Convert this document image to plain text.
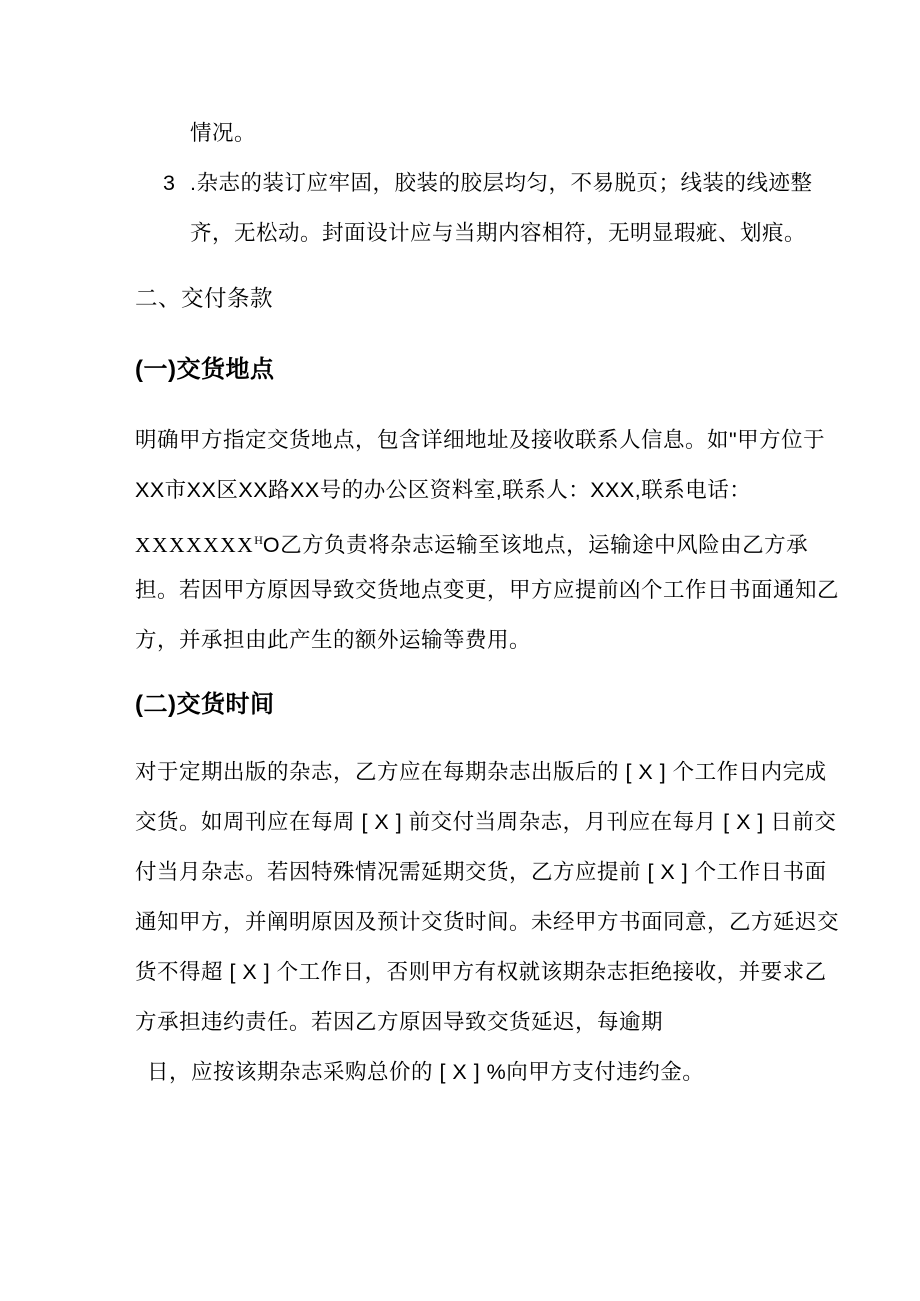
情况。
3 .杂志的装订应牢固，胶装的胶层均匀，不易脱页；线装的线迹整
齐，无松动。封面设计应与当期内容相符，无明显瑕疵、划痕。
二、交付条款
(一)交货地点
明确甲方指定交货地点，包含详细地址及接收联系人信息。如"甲方位于
XX市XX区XX路XX号的办公区资料室,联系人：XXX,联系电话：
$XXXXXXX^HO$乙方负责将杂志运输至该地点，运输途中风险由乙方承
担。若因甲方原因导致交货地点变更，甲方应提前凶个工作日书面通知乙
方，并承担由此产生的额外运输等费用。
(二)交货时间
对于定期出版的杂志，乙方应在每期杂志出版后的 [ X ] 个工作日内完成
交货。如周刊应在每周 [ X ] 前交付当周杂志，月刊应在每月 [ X ] 日前交
付当月杂志。若因特殊情况需延期交货，乙方应提前 [ X ] 个工作日书面
通知甲方，并阐明原因及预计交货时间。未经甲方书面同意，乙方延迟交
货不得超 [ X ] 个工作日，否则甲方有权就该期杂志拒绝接收，并要求乙
方承担违约责任。若因乙方原因导致交货延迟，每逾期
日，应按该期杂志采购总价的 [ X ] %向甲方支付违约金。
